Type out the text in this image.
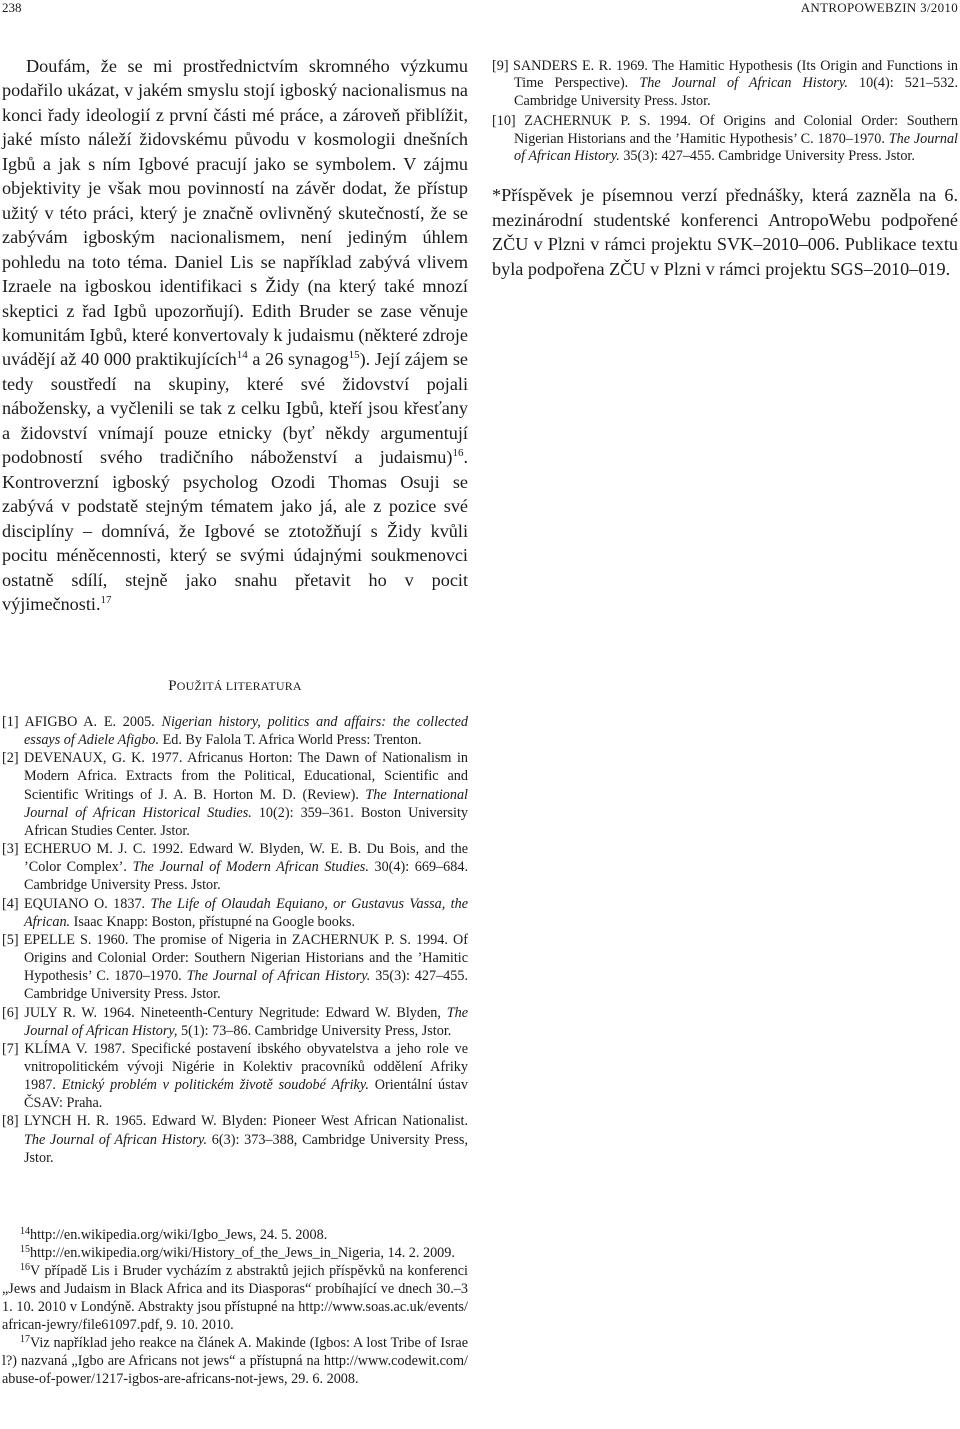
238	ANTROPOWEBZIN 3/2010

Doufám, že se mi prostřednictvím skromného výzkumu podařilo ukázat, v jakém smyslu stojí igboský nacionalismus na konci řady ideologií z první části mé práce, a zároveň přiblížit, jaké místo náleží židovskému původu v kosmologii dnešních Igbů a jak s ním Igbové pracují jako se symbolem. V zájmu objektivity je však mou povinností na závěr dodat, že přístup užitý v této práci, který je značně ovlivněný skutečností, že se zabývám igboským nacionalismem, není jediným úhlem pohledu na toto téma. Daniel Lis se například zabývá vlivem Izraele na igboskou identifikaci s Židy (na který také mnozí skeptici z řad Igbů upozorňují). Edith Bruder se zase věnuje komunitám Igbů, které konvertovaly k judaismu (některé zdroje uvádějí až 40 000 praktikujících$^{14}$ a 26 synagog$^{15}$). Její zájem se tedy soustředí na skupiny, které své židovství pojali nábožensky, a vyčlenili se tak z celku Igbů, kteří jsou křesťany a židovství vnímají pouze etnicky (byť někdy argumentují podobností svého tradičního náboženství a judaismu)$^{16}$. Kontroverzní igboský psycholog Ozodi Thomas Osuji se zabývá v podstatě stejným tématem jako já, ale z pozice své disciplíny – domnívá, že Igbové se ztotožňují s Židy kvůli pocitu méněcennosti, který se svými údajnými soukmenovci ostatně sdílí, stejně jako snahu přetavit ho v pocit výjimečnosti.$^{17}$

POUŽITÁ LITERATURA
[1] AFIGBO A. E. 2005. Nigerian history, politics and affairs: the collected essays of Adiele Afigbo. Ed. By Falola T. Africa World Press: Trenton.
[2] DEVENAUX, G. K. 1977. Africanus Horton: The Dawn of Nationalism in Modern Africa. Extracts from the Political, Educational, Scientific and Scientific Writings of J. A. B. Horton M. D. (Review). The International Journal of African Historical Studies. 10(2): 359–361. Boston University African Studies Center. Jstor.
[3] ECHERUO M. J. C. 1992. Edward W. Blyden, W. E. B. Du Bois, and the ’Color Complex’. The Journal of Modern African Studies. 30(4): 669–684. Cambridge University Press. Jstor.
[4] EQUIANO O. 1837. The Life of Olaudah Equiano, or Gustavus Vassa, the African. Isaac Knapp: Boston, přístupné na Google books.
[5] EPELLE S. 1960. The promise of Nigeria in ZACHERNUK P. S. 1994. Of Origins and Colonial Order: Southern Nigerian Historians and the ’Hamitic Hypothesis’ C. 1870–1970. The Journal of African History. 35(3): 427–455. Cambridge University Press. Jstor.
[6] JULY R. W. 1964. Nineteenth-Century Negritude: Edward W. Blyden, The Journal of African History, 5(1): 73–86. Cambridge University Press, Jstor.
[7] KLÍMA V. 1987. Specifické postavení ibského obyvatelstva a jeho role ve vnitropolitickém vývoji Nigérie in Kolektiv pracovníků oddělení Afriky 1987. Etnický problém v politickém životě soudobé Afriky. Orientální ústav ČSAV: Praha.
[8] LYNCH H. R. 1965. Edward W. Blyden: Pioneer West African Nationalist. The Journal of African History. 6(3): 373–388, Cambridge University Press, Jstor.
[9] SANDERS E. R. 1969. The Hamitic Hypothesis (Its Origin and Functions in Time Perspective). The Journal of African History. 10(4): 521–532. Cambridge University Press. Jstor.
[10] ZACHERNUK P. S. 1994. Of Origins and Colonial Order: Southern Nigerian Historians and the ’Hamitic Hypothesis’ C. 1870–1970. The Journal of African History. 35(3): 427–455. Cambridge University Press. Jstor.

*Příspěvek je písemnou verzí přednášky, která zazněla na 6. mezinárodní studentské konferenci AntropoWebu podpořené ZČU v Plzni v rámci projektu SVK–2010–006. Publikace textu byla podpořena ZČU v Plzni v rámci projektu SGS–2010–019.

$^{14}$http://en.wikipedia.org/wiki/Igbo_Jews, 24. 5. 2008.

$^{15}$http://en.wikipedia.org/wiki/History_of_the_Jews_in_Nigeria, 14. 2. 2009.

$^{16}$V případě Lis i Bruder vycházím z abstraktů jejich příspěvků na konferenci „Jews and Judaism in Black Africa and its Diasporas“ probíhající ve dnech 30.–31. 10. 2010 v Londýně. Abstrakty jsou přístupné na http://www.soas.ac.uk/events/african-jewry/file61097.pdf, 9. 10. 2010.

$^{17}$Viz například jeho reakce na článek A. Makinde (Igbos: A lost Tribe of Israel?) nazvaná „Igbo are Africans not jews“ a přístupná na http://www.codewit.com/abuse-of-power/1217-igbos-are-africans-not-jews, 29. 6. 2008.
